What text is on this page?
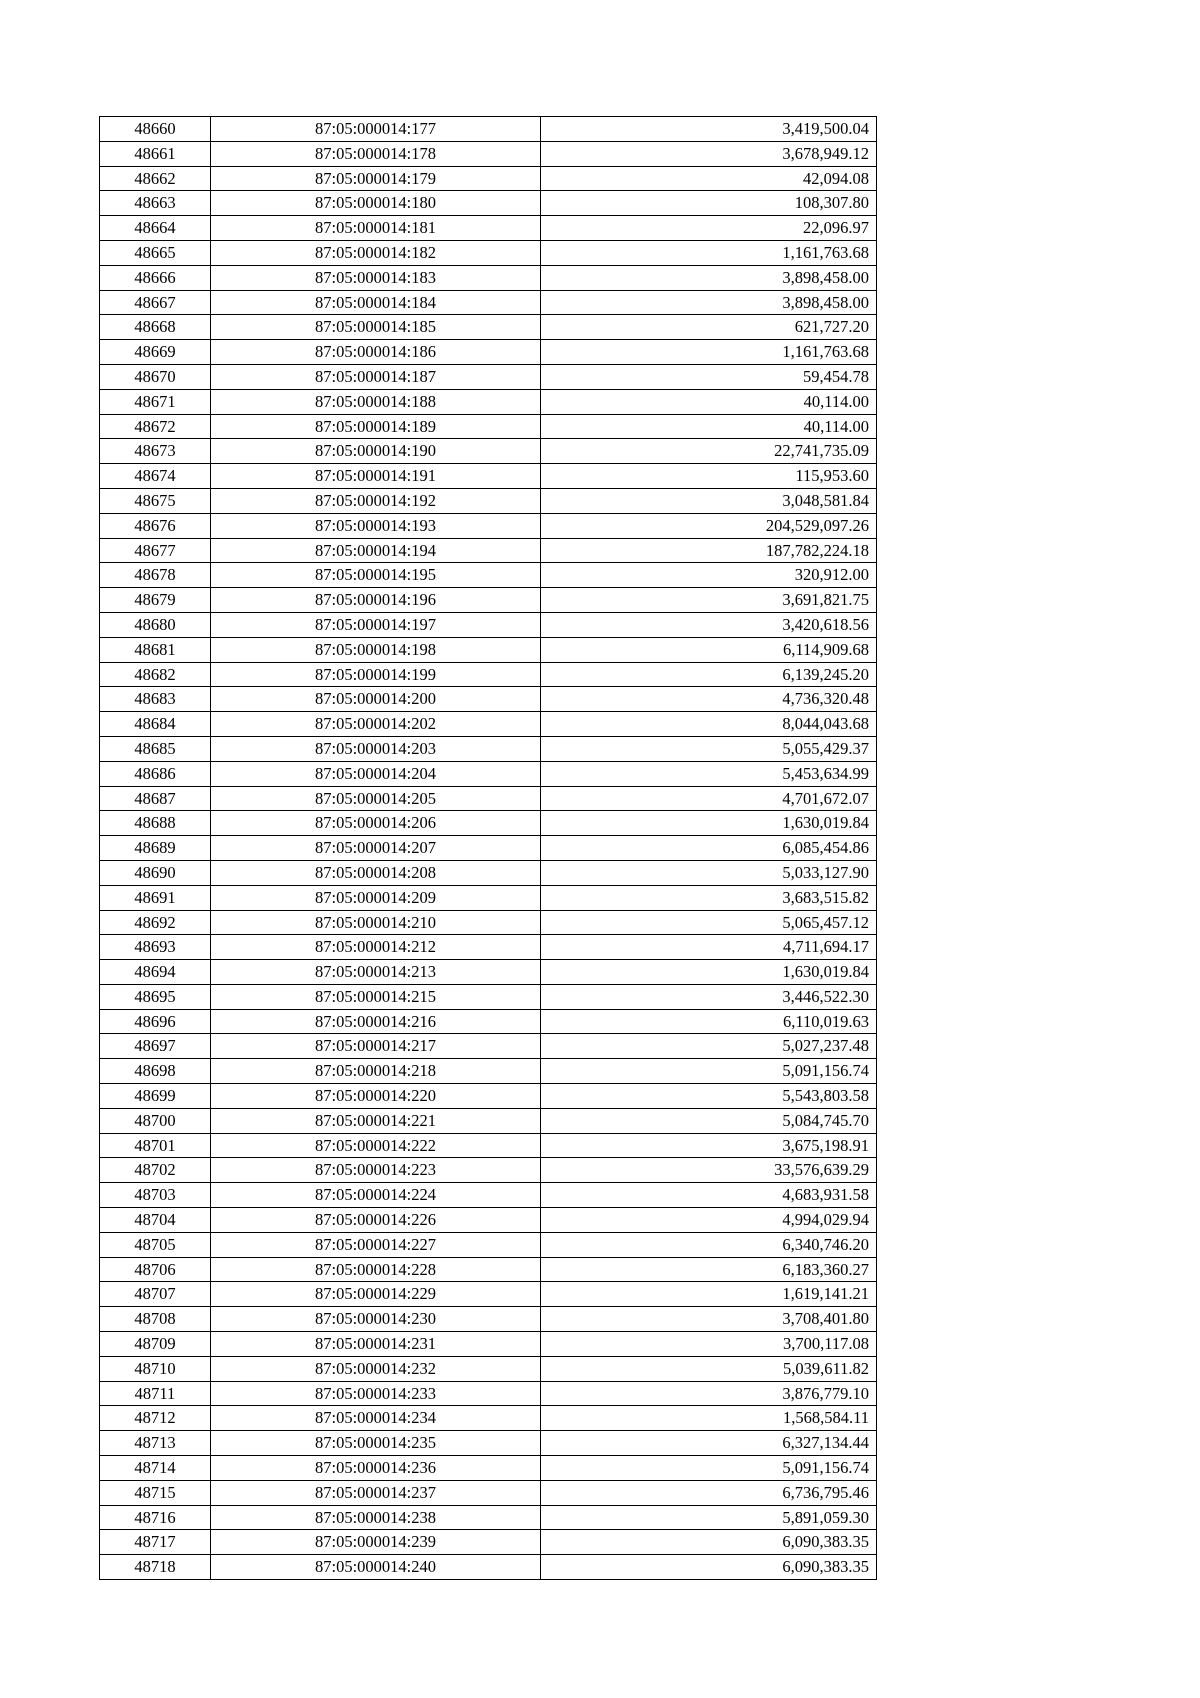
48660	87:05:000014:177	3,419,500.04
48661	87:05:000014:178	3,678,949.12
48662	87:05:000014:179	42,094.08
48663	87:05:000014:180	108,307.80
48664	87:05:000014:181	22,096.97
48665	87:05:000014:182	1,161,763.68
48666	87:05:000014:183	3,898,458.00
48667	87:05:000014:184	3,898,458.00
48668	87:05:000014:185	621,727.20
48669	87:05:000014:186	1,161,763.68
48670	87:05:000014:187	59,454.78
48671	87:05:000014:188	40,114.00
48672	87:05:000014:189	40,114.00
48673	87:05:000014:190	22,741,735.09
48674	87:05:000014:191	115,953.60
48675	87:05:000014:192	3,048,581.84
48676	87:05:000014:193	204,529,097.26
48677	87:05:000014:194	187,782,224.18
48678	87:05:000014:195	320,912.00
48679	87:05:000014:196	3,691,821.75
48680	87:05:000014:197	3,420,618.56
48681	87:05:000014:198	6,114,909.68
48682	87:05:000014:199	6,139,245.20
48683	87:05:000014:200	4,736,320.48
48684	87:05:000014:202	8,044,043.68
48685	87:05:000014:203	5,055,429.37
48686	87:05:000014:204	5,453,634.99
48687	87:05:000014:205	4,701,672.07
48688	87:05:000014:206	1,630,019.84
48689	87:05:000014:207	6,085,454.86
48690	87:05:000014:208	5,033,127.90
48691	87:05:000014:209	3,683,515.82
48692	87:05:000014:210	5,065,457.12
48693	87:05:000014:212	4,711,694.17
48694	87:05:000014:213	1,630,019.84
48695	87:05:000014:215	3,446,522.30
48696	87:05:000014:216	6,110,019.63
48697	87:05:000014:217	5,027,237.48
48698	87:05:000014:218	5,091,156.74
48699	87:05:000014:220	5,543,803.58
48700	87:05:000014:221	5,084,745.70
48701	87:05:000014:222	3,675,198.91
48702	87:05:000014:223	33,576,639.29
48703	87:05:000014:224	4,683,931.58
48704	87:05:000014:226	4,994,029.94
48705	87:05:000014:227	6,340,746.20
48706	87:05:000014:228	6,183,360.27
48707	87:05:000014:229	1,619,141.21
48708	87:05:000014:230	3,708,401.80
48709	87:05:000014:231	3,700,117.08
48710	87:05:000014:232	5,039,611.82
48711	87:05:000014:233	3,876,779.10
48712	87:05:000014:234	1,568,584.11
48713	87:05:000014:235	6,327,134.44
48714	87:05:000014:236	5,091,156.74
48715	87:05:000014:237	6,736,795.46
48716	87:05:000014:238	5,891,059.30
48717	87:05:000014:239	6,090,383.35
48718	87:05:000014:240	6,090,383.35
